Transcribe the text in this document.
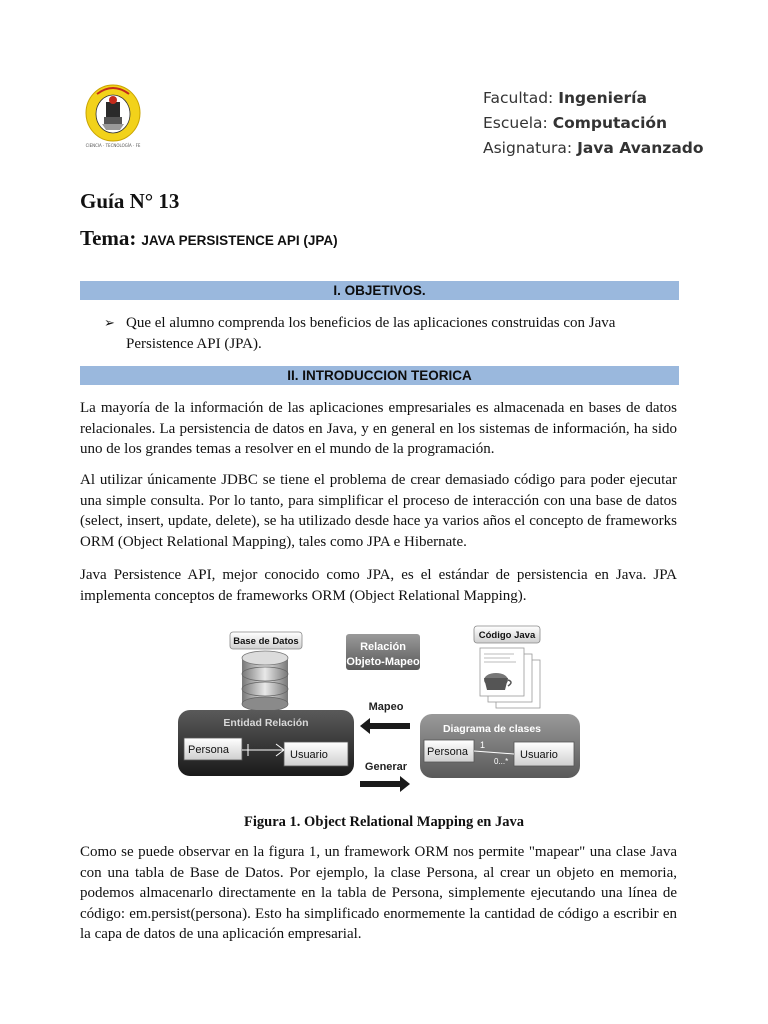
CIENCIA · TECNOLOGÍA · FE
Facultad: Ingeniería
Escuela: Computación
Asignatura: Java Avanzado
Guía N° 13
Tema: JAVA PERSISTENCE API (JPA)
I. OBJETIVOS.
➢ Que el alumno comprenda los beneficios de las aplicaciones construidas con Java Persistence API (JPA).
II. INTRODUCCION TEORICA
La mayoría de la información de las aplicaciones empresariales es almacenada en bases de datos relacionales. La persistencia de datos en Java, y en general en los sistemas de información, ha sido uno de los grandes temas a resolver en el mundo de la programación.
Al utilizar únicamente JDBC se tiene el problema de crear demasiado código para poder ejecutar una simple consulta. Por lo tanto, para simplificar el proceso de interacción con una base de datos (select, insert, update, delete), se ha utilizado desde hace ya varios años el concepto de frameworks ORM (Object Relational Mapping), tales como JPA e Hibernate.
Java Persistence API, mejor conocido como JPA, es el estándar de persistencia en Java. JPA implementa conceptos de frameworks ORM (Object Relational Mapping).
Base de Datos	Relación
Objeto-Mapeo
Código Java
Mapeo
Entidad Relación
Persona	Usuario
Generar
Diagrama de clases
Persona	Usuario
1
0...*
Figura 1. Object Relational Mapping en Java
Como se puede observar en la figura 1, un framework ORM nos permite "mapear" una clase Java con una tabla de Base de Datos. Por ejemplo, la clase Persona, al crear un objeto en memoria, podemos almacenarlo directamente en la tabla de Persona, simplemente ejecutando una línea de código: em.persist(persona). Esto ha simplificado enormemente la cantidad de código a escribir en la capa de datos de una aplicación empresarial.
